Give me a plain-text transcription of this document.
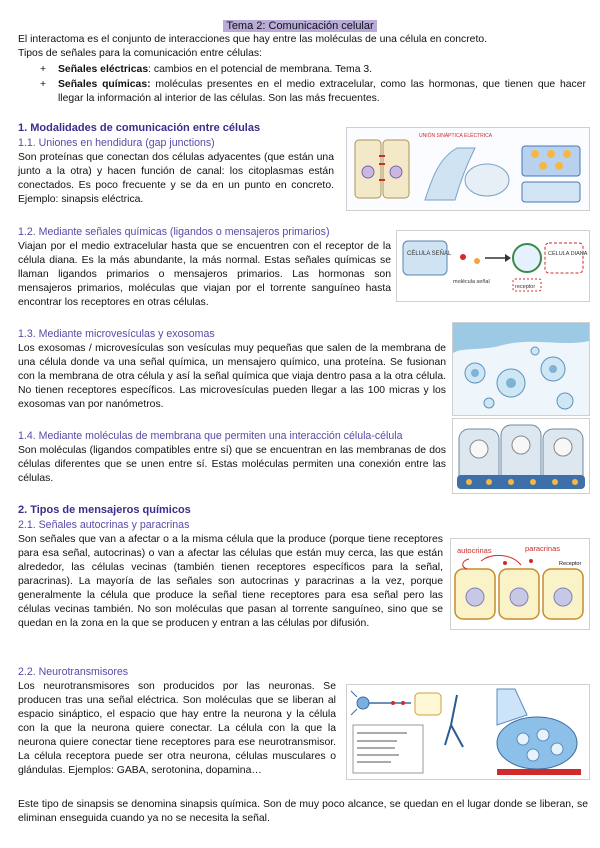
Tema 2: Comunicación celular
El interactoma es el conjunto de interacciones que hay entre las moléculas de una célula en concreto.
Tipos de señales para la comunicación entre células:
+ Señales eléctricas: cambios en el potencial de membrana. Tema 3.
+ Señales químicas: moléculas presentes en el medio extracelular, como las hormonas, que tienen que hacer llegar la información al interior de las células. Son las más frecuentes.
1. Modalidades de comunicación entre células
1.1. Uniones en hendidura (gap junctions)
Son proteínas que conectan dos células adyacentes (que están una junto a la otra) y hacen función de canal: los citoplasmas están conectados. Es poco frecuente y se da en un punto en concreto. Ejemplo: sinapsis eléctrica.
UNIÓN SINÁPTICA ELÉCTRICA
1.2. Mediante señales químicas (ligandos o mensajeros primarios)
Viajan por el medio extracelular hasta que se encuentren con el receptor de la célula diana. Es la más abundante, la más normal. Estas señales químicas se llaman ligandos primarios o mensajeros primarios. Las hormonas son mensajeros primarios, moléculas que viajan por el torrente sanguíneo hasta encontrar los receptores en otras células.
CÉLULA SEÑAL
molécula señal
CÉLULA DIANA
receptor
1.3. Mediante microvesículas y exosomas
Los exosomas / microvesículas son vesículas muy pequeñas que salen de la membrana de una célula donde va una señal química, un mensajero químico, una proteína. Se fusionan con la membrana de otra célula y así la señal química que viaja dentro pasa a la otra célula. No tienen receptores específicos. Las microvesículas pueden llegar a las 100 micras y los exosomas van por nanómetros.
1.4. Mediante moléculas de membrana que permiten una interacción célula-célula
Son moléculas (ligandos compatibles entre sí) que se encuentran en las membranas de dos células diferentes que se unen entre sí. Estas moléculas permiten una conexión entre las células.
2. Tipos de mensajeros químicos
2.1. Señales autocrinas y paracrinas
Son señales que van a afectar o a la misma célula que la produce (porque tiene receptores para esa señal, autocrinas) o van a afectar las células que están muy cerca, las que están alrededor, las células vecinas (también tienen receptores específicos para la señal, paracrinas). La mayoría de las señales son autocrinas y paracrinas a la vez, porque generalmente la célula que produce la señal tiene receptores para esa señal pero las células vecinas también. No son moléculas que pasan al torrente sanguíneo, sino que se quedan en la zona en la que se producen y entran a las células por difusión.
autocrinas	paracrinas
Receptor
2.2. Neurotransmisores
Los neurotransmisores son producidos por las neuronas. Se producen tras una señal eléctrica. Son moléculas que se liberan al espacio sináptico, el espacio que hay entre la neurona y la célula con la que la neurona quiere conectar. La célula con la que la neurona quiere conectar tiene receptores para ese neurotransmisor. La célula receptora puede ser otra neurona, células musculares o glándulas. Ejemplos: GABA, serotonina, dopamina…
Este tipo de sinapsis se denomina sinapsis química. Son de muy poco alcance, se quedan en el lugar donde se liberan, se eliminan enseguida cuando ya no se necesita la señal.
